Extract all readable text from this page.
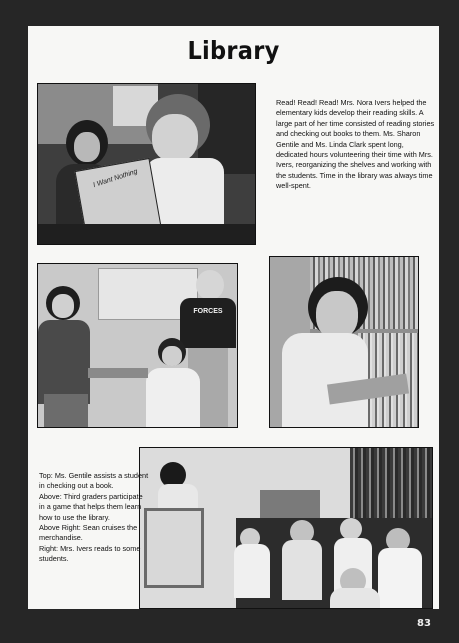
Library
I Want Nothing
Read! Read! Read! Mrs. Nora Ivers helped the elementary kids develop their reading skills. A large part of her time consisted of reading stories and checking out books to them. Ms. Sharon Gentile and Ms. Linda Clark spent long, dedicated hours volunteering their time with Mrs. Ivers, reorganizing the shelves and working with the students. Time in the library was always time well-spent.
FORCES
Top: Ms. Gentile assists a student in checking out a book.
Above: Third graders participate in a game that helps them learn how to use the library.
Above Right: Sean cruises the merchandise.
Right: Mrs. Ivers reads to some students.
83
